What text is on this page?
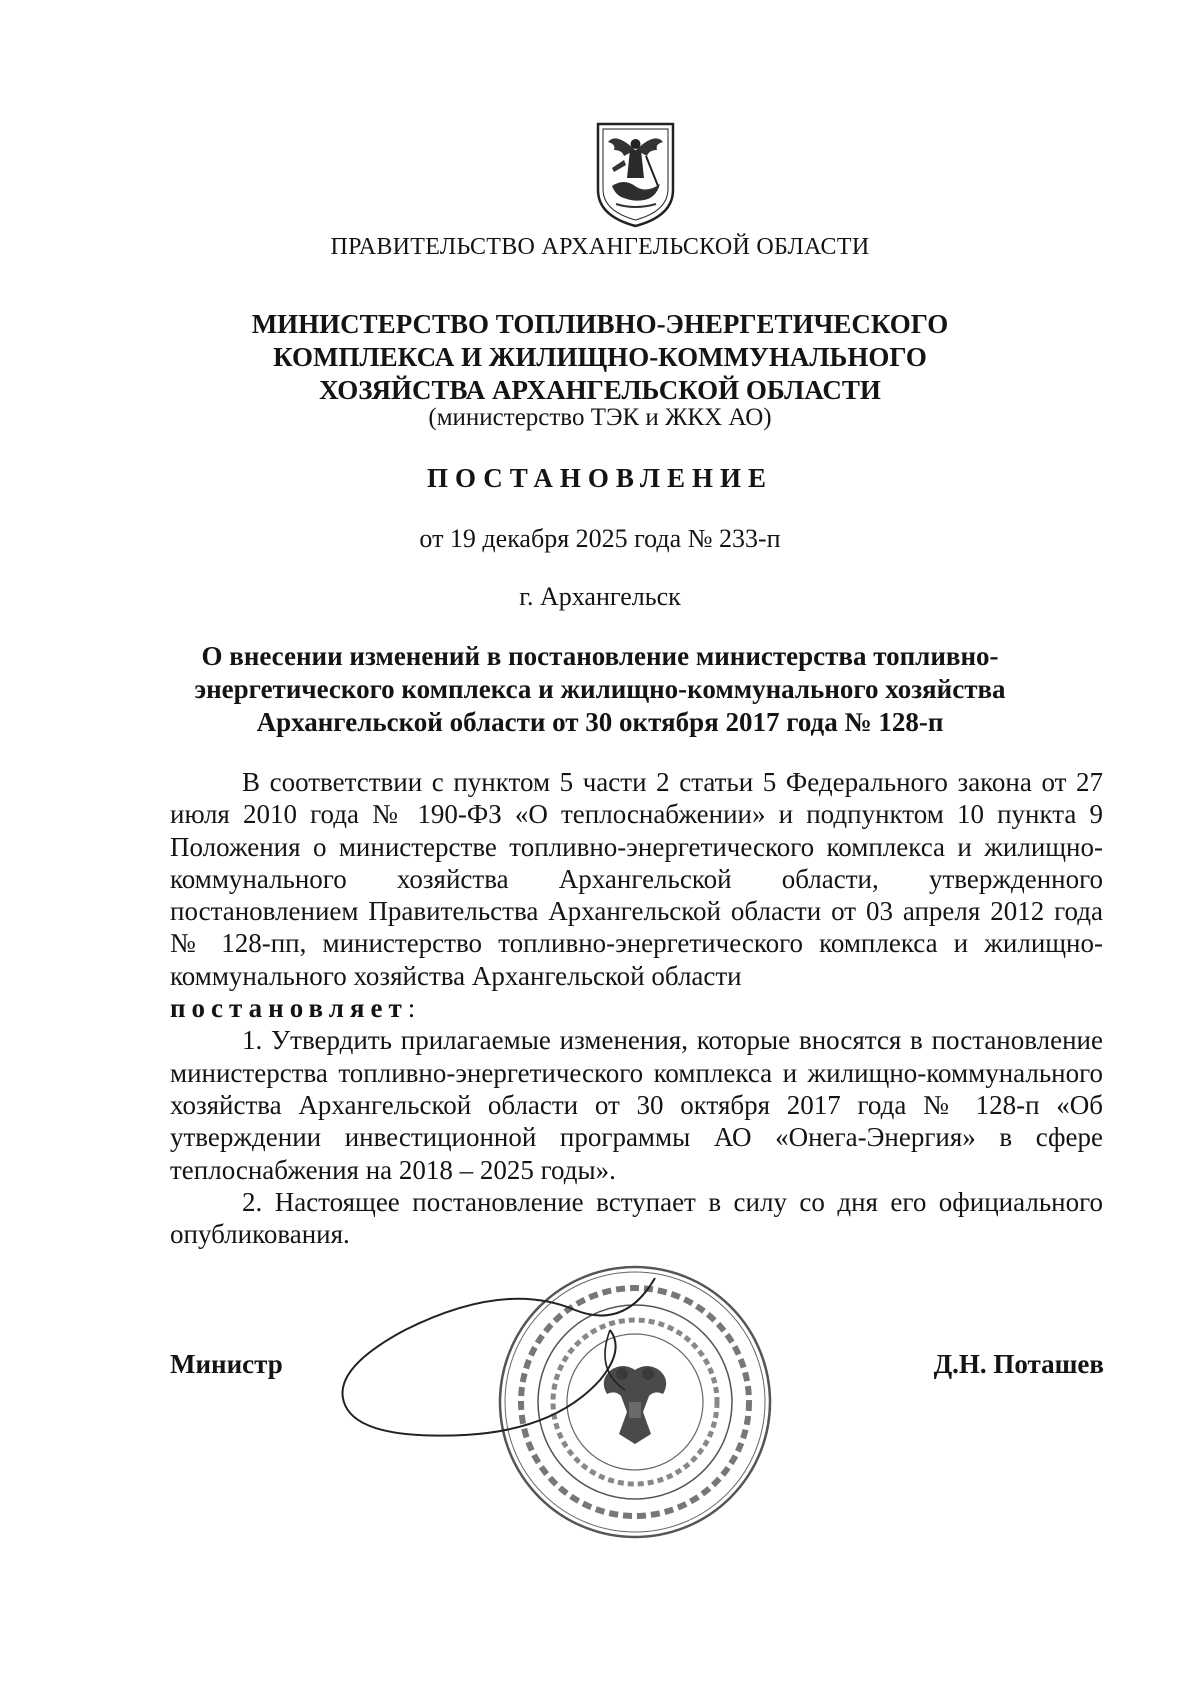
ПРАВИТЕЛЬСТВО АРХАНГЕЛЬСКОЙ ОБЛАСТИ
МИНИСТЕРСТВО ТОПЛИВНО-ЭНЕРГЕТИЧЕСКОГО
КОМПЛЕКСА И ЖИЛИЩНО-КОММУНАЛЬНОГО
ХОЗЯЙСТВА АРХАНГЕЛЬСКОЙ ОБЛАСТИ
(министерство ТЭК и ЖКХ АО)
ПОСТАНОВЛЕНИЕ
от 19 декабря 2025 года № 233-п
г. Архангельск
О внесении изменений в постановление министерства топливно-
энергетического комплекса и жилищно-коммунального хозяйства
Архангельской области от 30 октября 2017 года № 128-п

В соответствии с пунктом 5 части 2 статьи 5 Федерального закона от 27 июля 2010 года № 190-ФЗ «О теплоснабжении» и подпунктом 10 пункта 9 Положения о министерстве топливно-энергетического комплекса и жилищно-коммунального хозяйства Архангельской области, утвержденного постановлением Правительства Архангельской области от 03 апреля 2012 года № 128-пп, министерство топливно-энергетического комплекса и жилищно-коммунального хозяйства Архангельской области

постановляет:

1. Утвердить прилагаемые изменения, которые вносятся в постановление министерства топливно-энергетического комплекса и жилищно-коммунального хозяйства Архангельской области от 30 октября 2017 года № 128-п «Об утверждении инвестиционной программы АО «Онега-Энергия» в сфере теплоснабжения на 2018 – 2025 годы».

2. Настоящее постановление вступает в силу со дня его официального опубликования.

Министр	Д.Н. Поташев
